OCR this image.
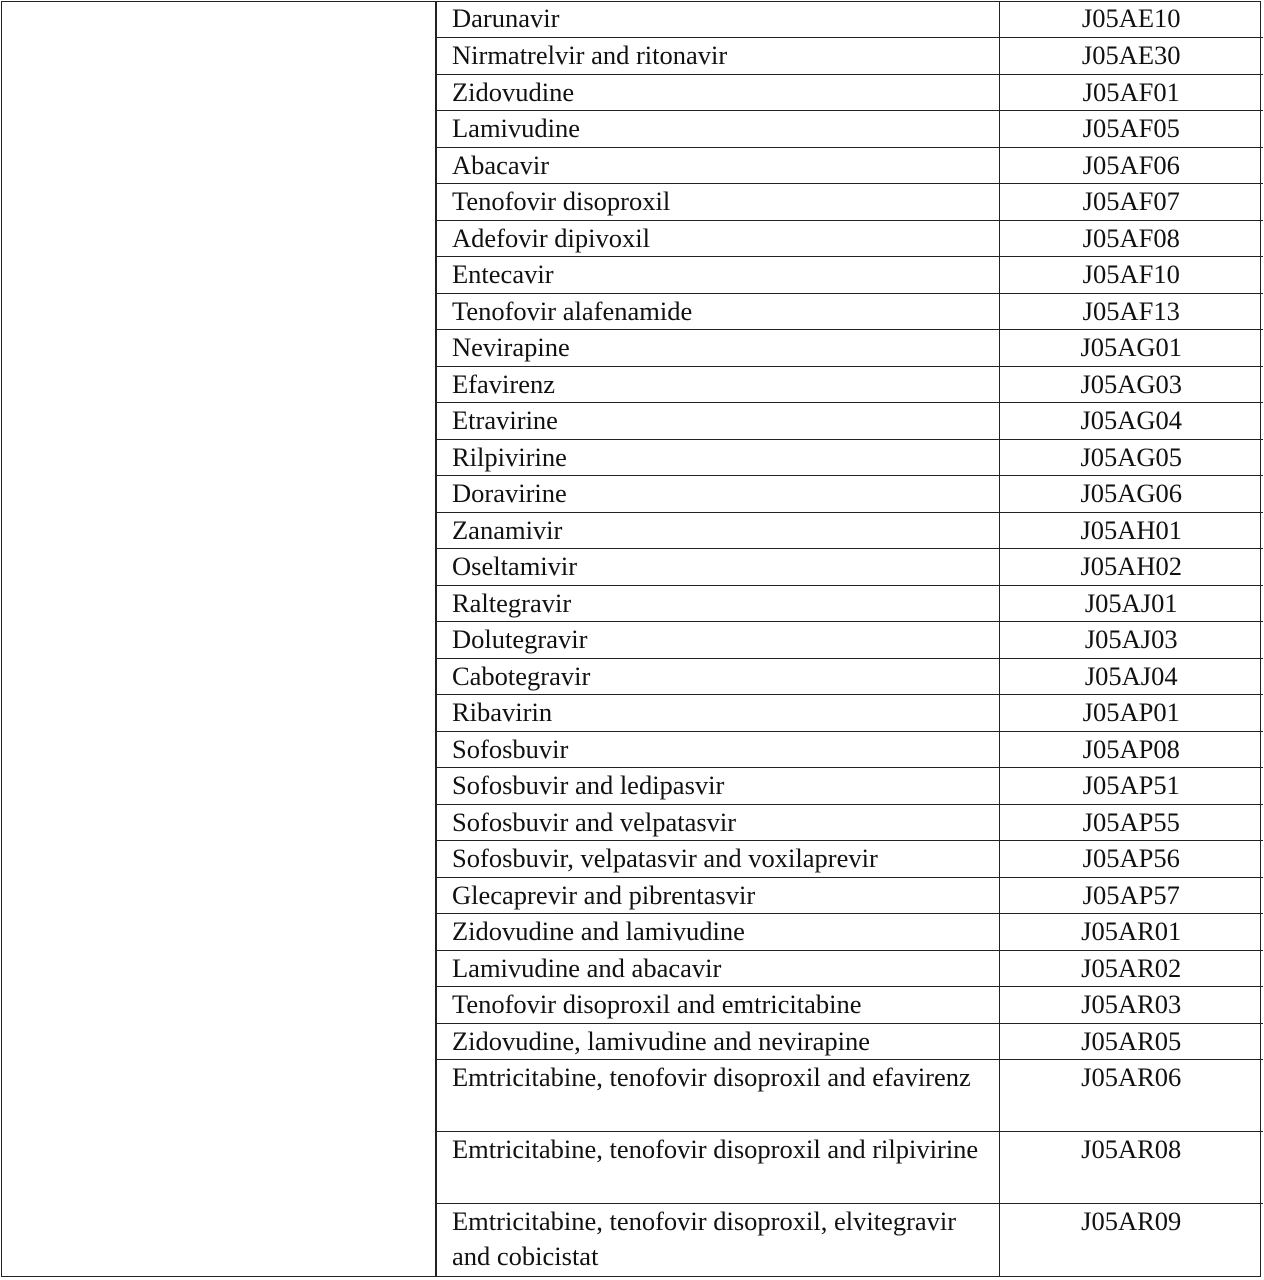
Darunavir	J05AE10
Nirmatrelvir and ritonavir	J05AE30
Zidovudine	J05AF01
Lamivudine	J05AF05
Abacavir	J05AF06
Tenofovir disoproxil	J05AF07
Adefovir dipivoxil	J05AF08
Entecavir	J05AF10
Tenofovir alafenamide	J05AF13
Nevirapine	J05AG01
Efavirenz	J05AG03
Etravirine	J05AG04
Rilpivirine	J05AG05
Doravirine	J05AG06
Zanamivir	J05AH01
Oseltamivir	J05AH02
Raltegravir	J05AJ01
Dolutegravir	J05AJ03
Cabotegravir	J05AJ04
Ribavirin	J05AP01
Sofosbuvir	J05AP08
Sofosbuvir and ledipasvir	J05AP51
Sofosbuvir and velpatasvir	J05AP55
Sofosbuvir, velpatasvir and voxilaprevir	J05AP56
Glecaprevir and pibrentasvir	J05AP57
Zidovudine and lamivudine	J05AR01
Lamivudine and abacavir	J05AR02
Tenofovir disoproxil and emtricitabine	J05AR03
Zidovudine, lamivudine and nevirapine	J05AR05
Emtricitabine, tenofovir disoproxil and efavirenz	J05AR06
Emtricitabine, tenofovir disoproxil and rilpivirine	J05AR08
Emtricitabine, tenofovir disoproxil, elvitegravir and cobicistat	J05AR09
